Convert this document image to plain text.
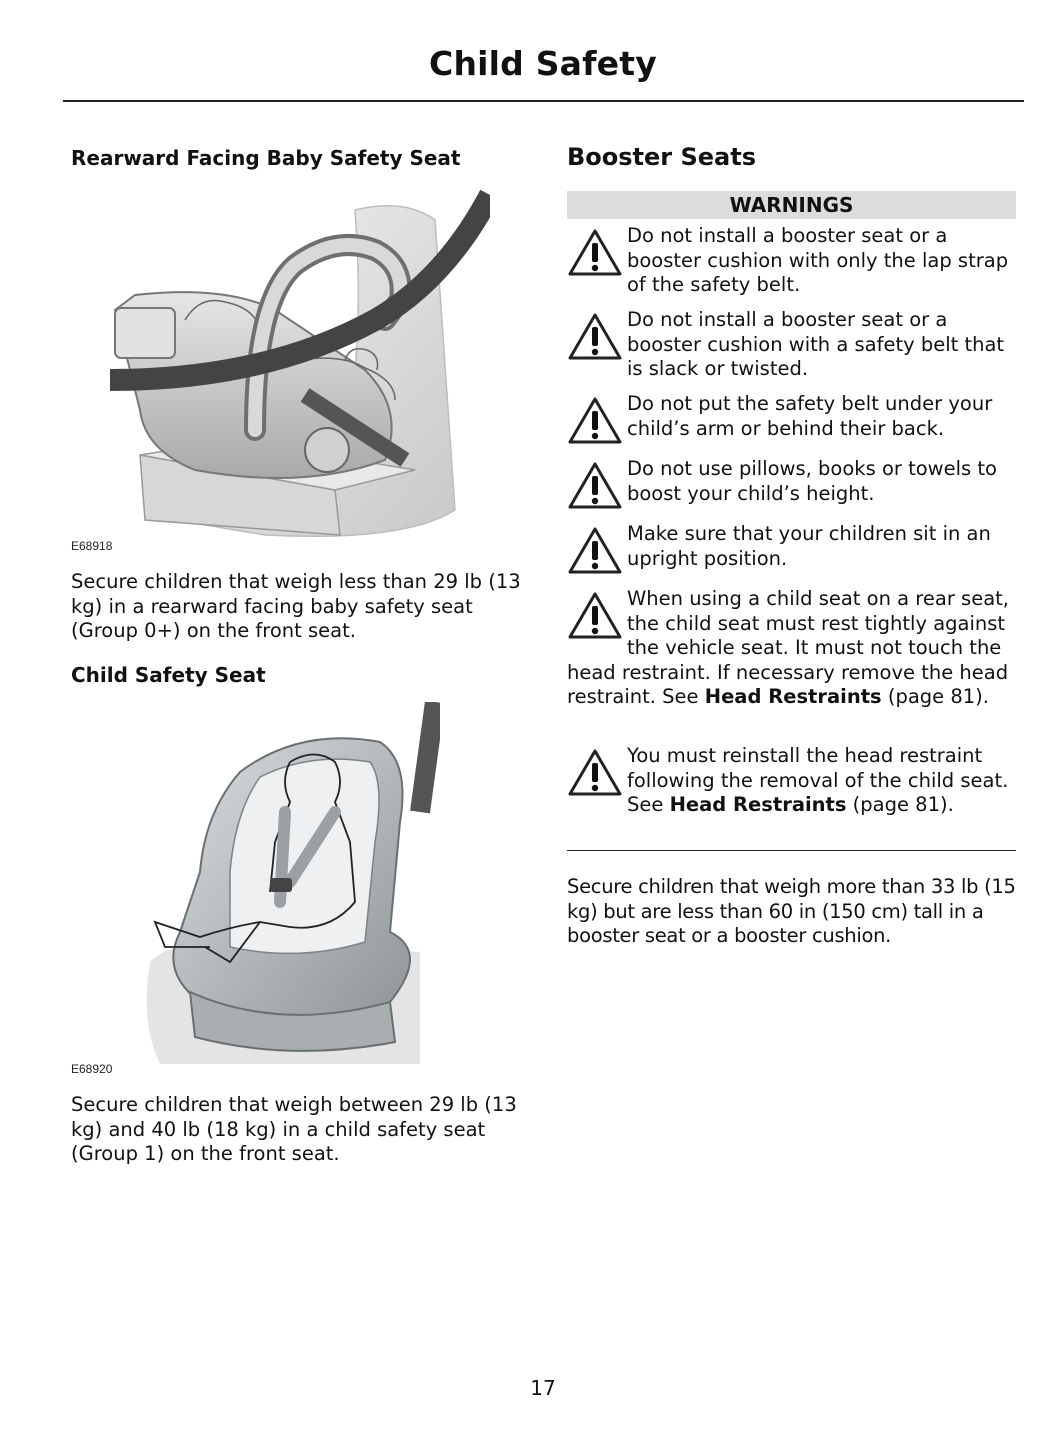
Child Safety
Rearward Facing Baby Safety Seat
E68918

Secure children that weigh less than 29 lb (13 kg) in a rearward facing baby safety seat (Group 0+) on the front seat.

Child Safety Seat
E68920

Secure children that weigh between 29 lb (13 kg) and 40 lb (18 kg) in a child safety seat (Group 1) on the front seat.

Booster Seats
WARNINGS

Do not install a booster seat or a booster cushion with only the lap strap of the safety belt.

Do not install a booster seat or a booster cushion with a safety belt that is slack or twisted.

Do not put the safety belt under your child’s arm or behind their back.

Do not use pillows, books or towels to boost your child’s height.

Make sure that your children sit in an upright position.

When using a child seat on a rear seat, the child seat must rest tightly against the vehicle seat. It must not touch the head restraint. If necessary remove the head restraint. See Head Restraints (page 81).

You must reinstall the head restraint following the removal of the child seat. See Head Restraints (page 81).

Secure children that weigh more than 33 lb (15 kg) but are less than 60 in (150 cm) tall in a booster seat or a booster cushion.

17
